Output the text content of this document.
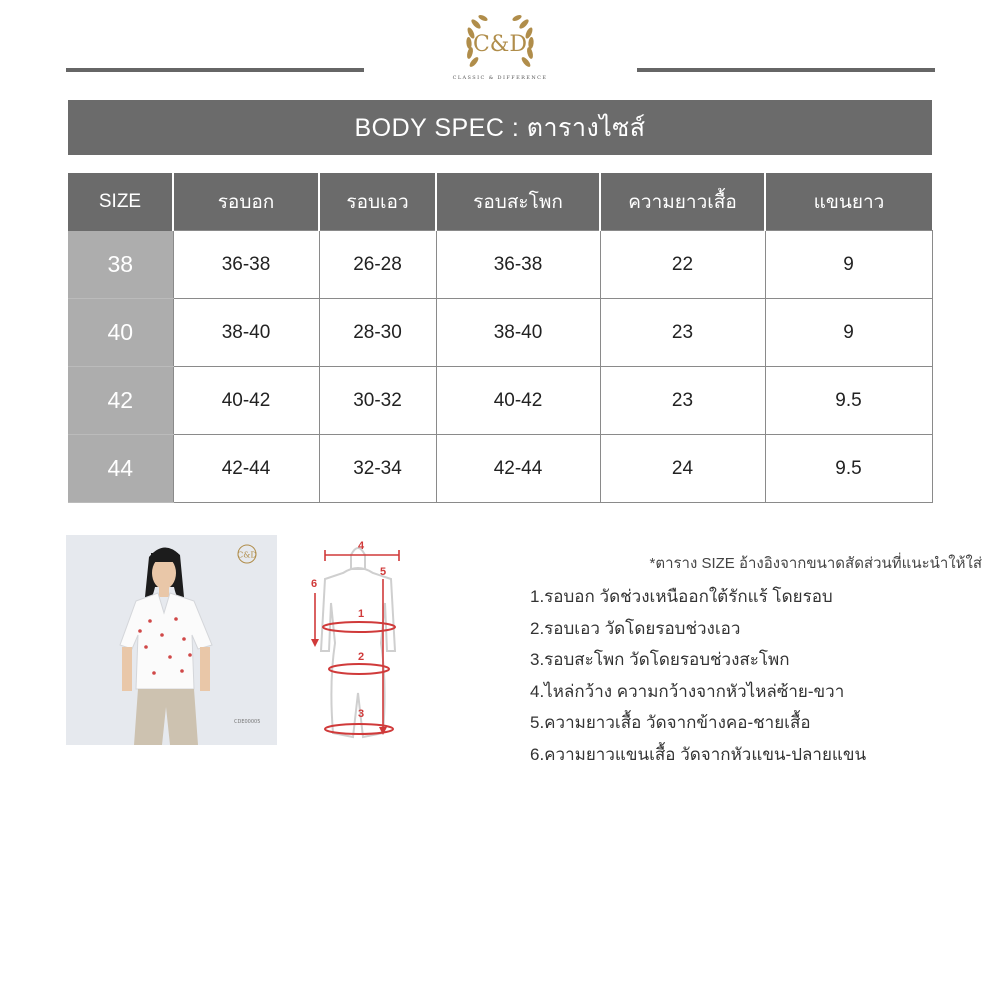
C&D
CLASSIC & DIFFERENCE
BODY SPEC : ตารางไซส์
SIZE	รอบอก	รอบเอว	รอบสะโพก	ความยาวเสื้อ	แขนยาว
38	36-38	26-28	36-38	22	9
40	38-40	28-30	38-40	23	9
42	40-42	30-32	40-42	23	9.5
44	42-44	32-34	42-44	24	9.5
C&D
CDE00005
4
5
6
1
2
3
*ตาราง SIZE อ้างอิงจากขนาดสัดส่วนที่แนะนำให้ใส่
1.รอบอก วัดช่วงเหนืออกใต้รักแร้ โดยรอบ
2.รอบเอว วัดโดยรอบช่วงเอว
3.รอบสะโพก วัดโดยรอบช่วงสะโพก
4.ไหล่กว้าง ความกว้างจากหัวไหล่ซ้าย-ขวา
5.ความยาวเสื้อ วัดจากข้างคอ-ชายเสื้อ
6.ความยาวแขนเสื้อ วัดจากหัวแขน-ปลายแขน
